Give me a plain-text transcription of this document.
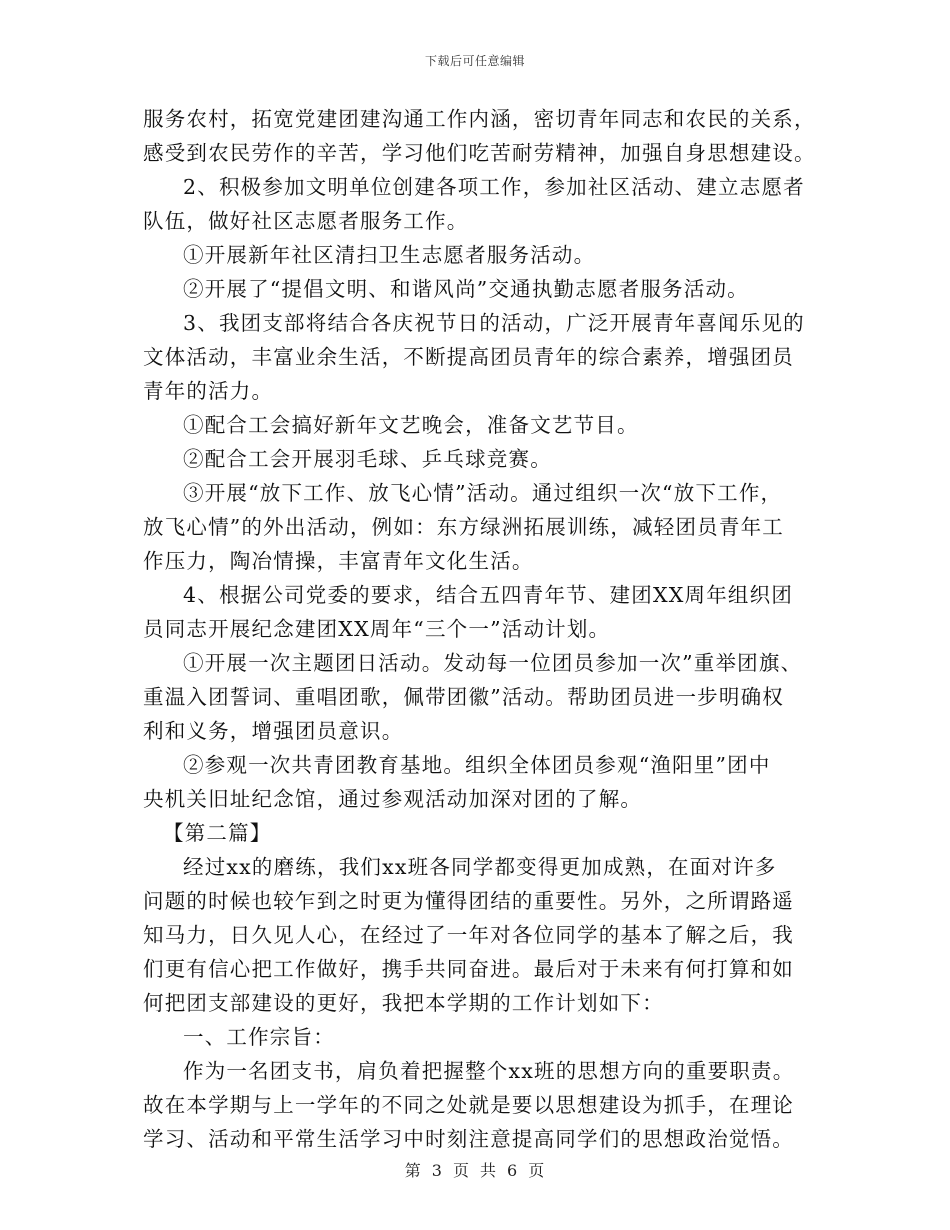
下载后可任意编辑
服务农村，拓宽党建团建沟通工作内涵，密切青年同志和农民的关系，
感受到农民劳作的辛苦，学习他们吃苦耐劳精神，加强自身思想建设。
2、积极参加文明单位创建各项工作，参加社区活动、建立志愿者
队伍，做好社区志愿者服务工作。
①开展新年社区清扫卫生志愿者服务活动。
②开展了“提倡文明、和谐风尚”交通执勤志愿者服务活动。
3、我团支部将结合各庆祝节日的活动，广泛开展青年喜闻乐见的
文体活动，丰富业余生活，不断提高团员青年的综合素养，增强团员
青年的活力。
①配合工会搞好新年文艺晚会，准备文艺节目。
②配合工会开展羽毛球、乒乓球竞赛。
③开展“放下工作、放飞心情”活动。通过组织一次“放下工作，
放飞心情”的外出活动，例如：东方绿洲拓展训练，减轻团员青年工
作压力，陶冶情操，丰富青年文化生活。
4、根据公司党委的要求，结合五四青年节、建团XX周年组织团
员同志开展纪念建团XX周年“三个一”活动计划。
①开展一次主题团日活动。发动每一位团员参加一次”重举团旗、
重温入团誓词、重唱团歌，佩带团徽”活动。帮助团员进一步明确权
利和义务，增强团员意识。
②参观一次共青团教育基地。组织全体团员参观“渔阳里”团中
央机关旧址纪念馆，通过参观活动加深对团的了解。
【第二篇】
经过xx的磨练，我们xx班各同学都变得更加成熟，在面对许多
问题的时候也较乍到之时更为懂得团结的重要性。另外，之所谓路遥
知马力，日久见人心，在经过了一年对各位同学的基本了解之后，我
们更有信心把工作做好，携手共同奋进。最后对于未来有何打算和如
何把团支部建设的更好，我把本学期的工作计划如下：
一、工作宗旨：
作为一名团支书，肩负着把握整个xx班的思想方向的重要职责。
故在本学期与上一学年的不同之处就是要以思想建设为抓手，在理论
学习、活动和平常生活学习中时刻注意提高同学们的思想政治觉悟。
第 3 页 共 6 页
